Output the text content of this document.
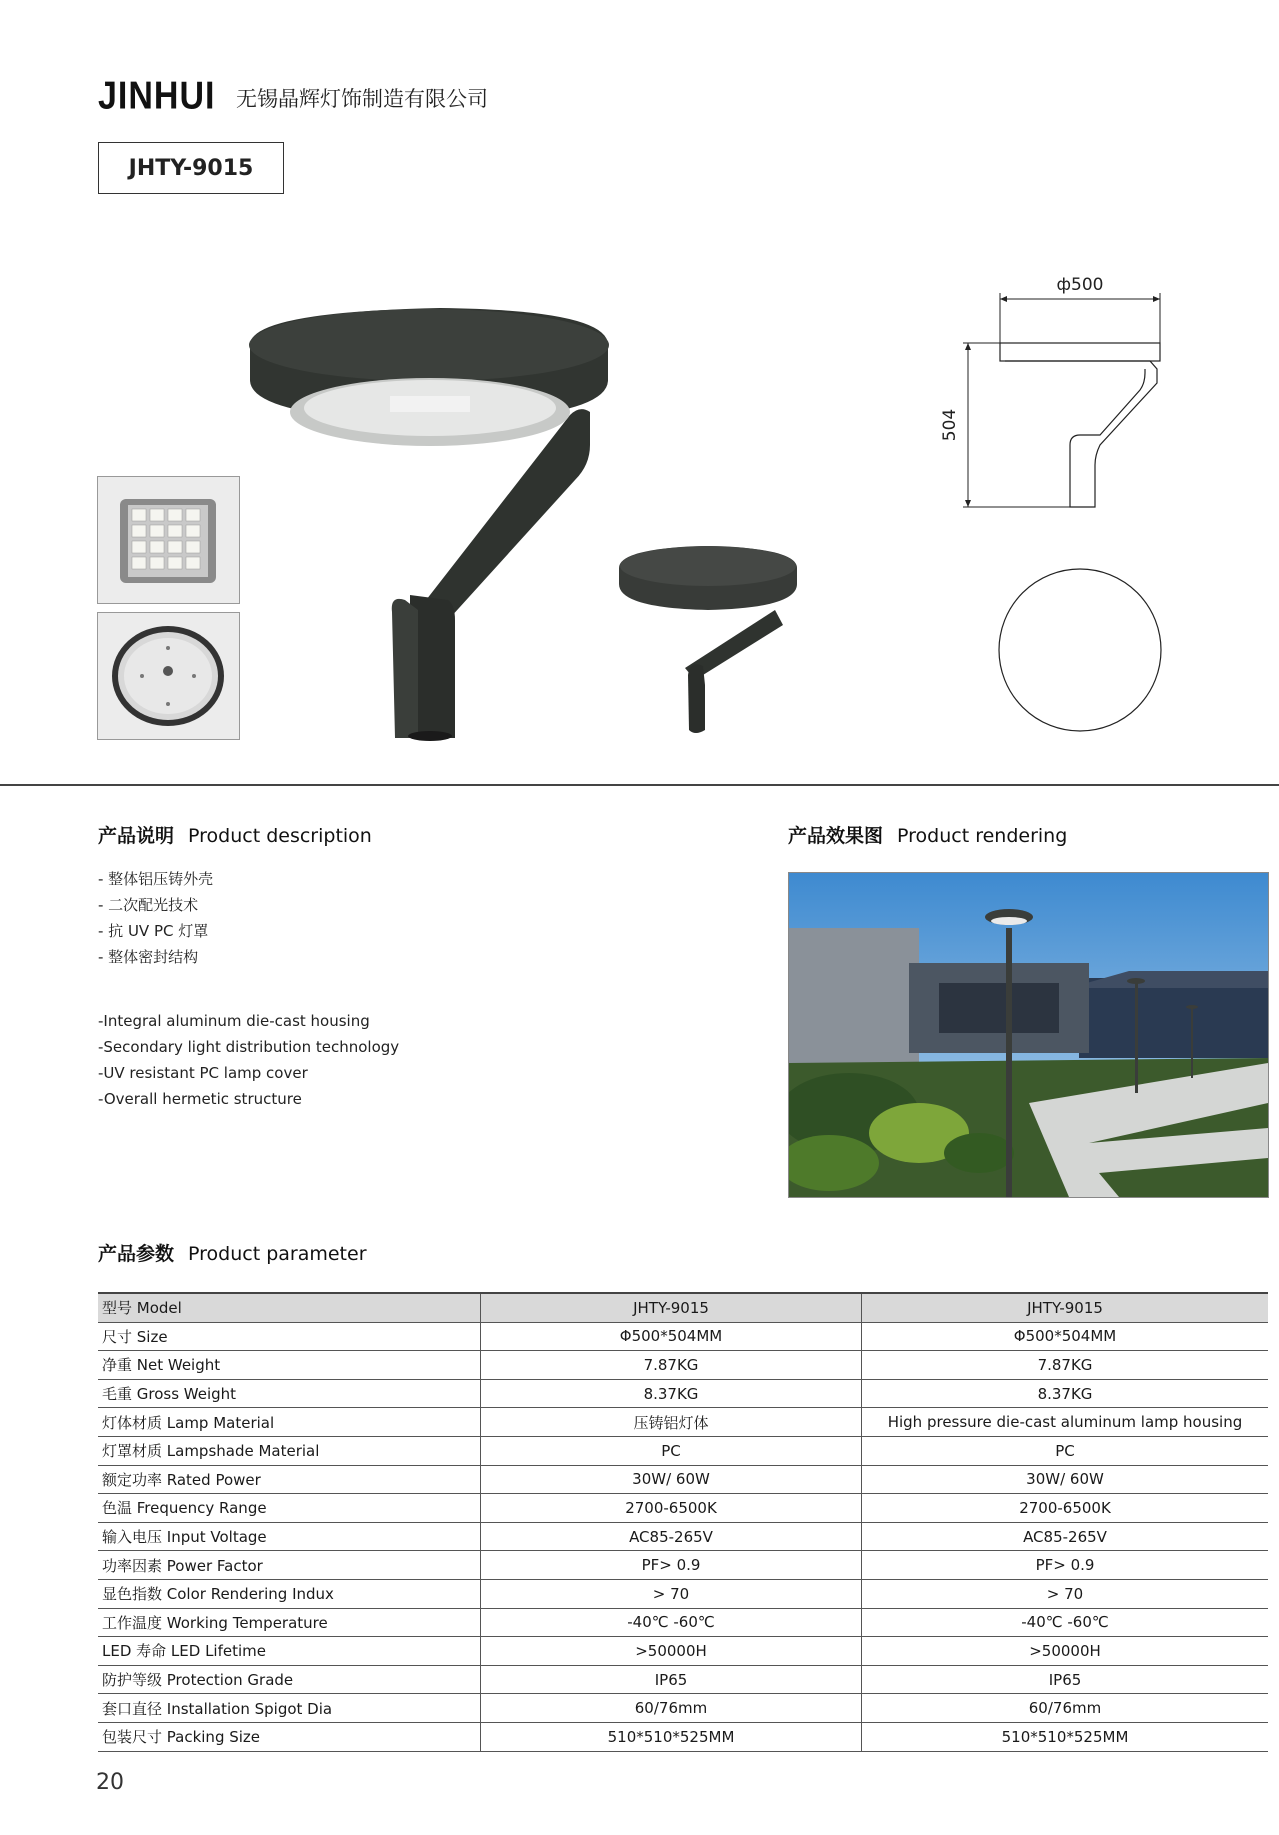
JINHUI 无锡晶辉灯饰制造有限公司
JHTY-9015
ф500
504
产品说明 Product description
- 整体铝压铸外壳
- 二次配光技术
- 抗 UV PC 灯罩
- 整体密封结构
-Integral aluminum die-cast housing
-Secondary light distribution technology
-UV resistant PC lamp cover
-Overall hermetic structure
产品效果图 Product rendering
产品参数 Product parameter
型号 Model	JHTY-9015	JHTY-9015
尺寸 Size	Φ500*504MM	Φ500*504MM
净重 Net Weight	7.87KG	7.87KG
毛重 Gross Weight	8.37KG	8.37KG
灯体材质 Lamp Material	压铸铝灯体	High pressure die-cast aluminum lamp housing
灯罩材质 Lampshade Material	PC	PC
额定功率 Rated Power	30W/ 60W	30W/ 60W
色温 Frequency Range	2700-6500K	2700-6500K
输入电压 Input Voltage	AC85-265V	AC85-265V
功率因素 Power Factor	PF> 0.9	PF> 0.9
显色指数 Color Rendering Indux	> 70	> 70
工作温度 Working Temperature	-40℃ -60℃	-40℃ -60℃
LED 寿命 LED Lifetime	>50000H	>50000H
防护等级 Protection Grade	IP65	IP65
套口直径 Installation Spigot Dia	60/76mm	60/76mm
包装尺寸 Packing Size	510*510*525MM	510*510*525MM
20
